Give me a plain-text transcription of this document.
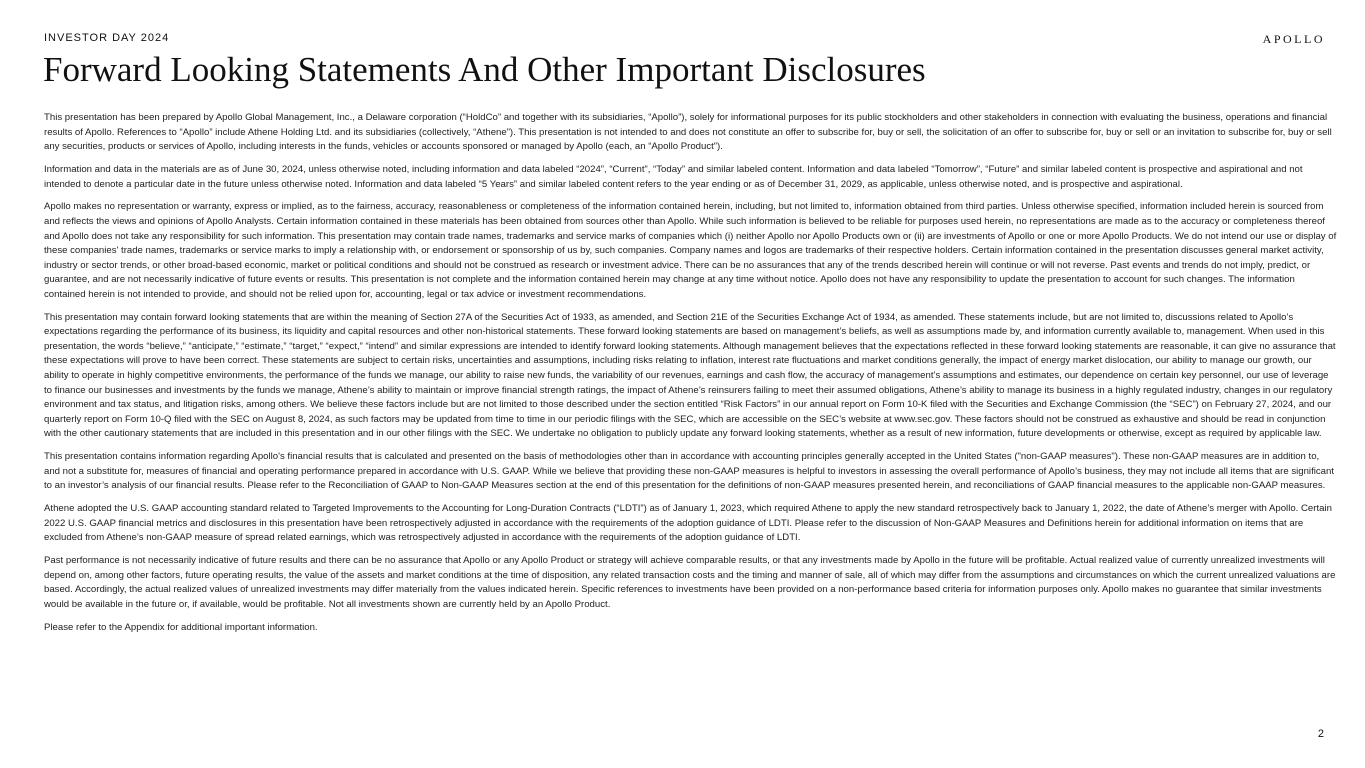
INVESTOR DAY 2024	APOLLO
Forward Looking Statements And Other Important Disclosures

This presentation has been prepared by Apollo Global Management, Inc., a Delaware corporation (“HoldCo” and together with its subsidiaries, “Apollo”), solely for informational purposes for its public stockholders and other stakeholders in connection with evaluating the business, operations and financial results of Apollo. References to “Apollo” include Athene Holding Ltd. and its subsidiaries (collectively, “Athene”). This presentation is not intended to and does not constitute an offer to subscribe for, buy or sell, the solicitation of an offer to subscribe for, buy or sell or an invitation to subscribe for, buy or sell any securities, products or services of Apollo, including interests in the funds, vehicles or accounts sponsored or managed by Apollo (each, an “Apollo Product”).

Information and data in the materials are as of June 30, 2024, unless otherwise noted, including information and data labeled “2024”, “Current”, “Today” and similar labeled content. Information and data labeled “Tomorrow”, “Future” and similar labeled content is prospective and aspirational and not intended to denote a particular date in the future unless otherwise noted. Information and data labeled “5 Years” and similar labeled content refers to the year ending or as of December 31, 2029, as applicable, unless otherwise noted, and is prospective and aspirational.

Apollo makes no representation or warranty, express or implied, as to the fairness, accuracy, reasonableness or completeness of the information contained herein, including, but not limited to, information obtained from third parties. Unless otherwise specified, information included herein is sourced from and reflects the views and opinions of Apollo Analysts. Certain information contained in these materials has been obtained from sources other than Apollo. While such information is believed to be reliable for purposes used herein, no representations are made as to the accuracy or completeness thereof and Apollo does not take any responsibility for such information. This presentation may contain trade names, trademarks and service marks of companies which (i) neither Apollo nor Apollo Products own or (ii) are investments of Apollo or one or more Apollo Products. We do not intend our use or display of these companies' trade names, trademarks or service marks to imply a relationship with, or endorsement or sponsorship of us by, such companies. Company names and logos are trademarks of their respective holders. Certain information contained in the presentation discusses general market activity, industry or sector trends, or other broad-based economic, market or political conditions and should not be construed as research or investment advice. There can be no assurances that any of the trends described herein will continue or will not reverse. Past events and trends do not imply, predict, or guarantee, and are not necessarily indicative of future events or results. This presentation is not complete and the information contained herein may change at any time without notice. Apollo does not have any responsibility to update the presentation to account for such changes. The information contained herein is not intended to provide, and should not be relied upon for, accounting, legal or tax advice or investment recommendations.

This presentation may contain forward looking statements that are within the meaning of Section 27A of the Securities Act of 1933, as amended, and Section 21E of the Securities Exchange Act of 1934, as amended. These statements include, but are not limited to, discussions related to Apollo’s expectations regarding the performance of its business, its liquidity and capital resources and other non-historical statements. These forward looking statements are based on management’s beliefs, as well as assumptions made by, and information currently available to, management. When used in this presentation, the words “believe,” “anticipate,” “estimate,” “target,” “expect,” “intend” and similar expressions are intended to identify forward looking statements. Although management believes that the expectations reflected in these forward looking statements are reasonable, it can give no assurance that these expectations will prove to have been correct. These statements are subject to certain risks, uncertainties and assumptions, including risks relating to inflation, interest rate fluctuations and market conditions generally, the impact of energy market dislocation, our ability to manage our growth, our ability to operate in highly competitive environments, the performance of the funds we manage, our ability to raise new funds, the variability of our revenues, earnings and cash flow, the accuracy of management’s assumptions and estimates, our dependence on certain key personnel, our use of leverage to finance our businesses and investments by the funds we manage, Athene’s ability to maintain or improve financial strength ratings, the impact of Athene’s reinsurers failing to meet their assumed obligations, Athene’s ability to manage its business in a highly regulated industry, changes in our regulatory environment and tax status, and litigation risks, among others. We believe these factors include but are not limited to those described under the section entitled “Risk Factors” in our annual report on Form 10-K filed with the Securities and Exchange Commission (the “SEC”) on February 27, 2024, and our quarterly report on Form 10-Q filed with the SEC on August 8, 2024, as such factors may be updated from time to time in our periodic filings with the SEC, which are accessible on the SEC’s website at www.sec.gov. These factors should not be construed as exhaustive and should be read in conjunction with the other cautionary statements that are included in this presentation and in our other filings with the SEC. We undertake no obligation to publicly update any forward looking statements, whether as a result of new information, future developments or otherwise, except as required by applicable law.

This presentation contains information regarding Apollo's financial results that is calculated and presented on the basis of methodologies other than in accordance with accounting principles generally accepted in the United States ("non-GAAP measures"). These non-GAAP measures are in addition to, and not a substitute for, measures of financial and operating performance prepared in accordance with U.S. GAAP. While we believe that providing these non-GAAP measures is helpful to investors in assessing the overall performance of Apollo’s business, they may not include all items that are significant to an investor’s analysis of our financial results. Please refer to the Reconciliation of GAAP to Non-GAAP Measures section at the end of this presentation for the definitions of non-GAAP measures presented herein, and reconciliations of GAAP financial measures to the applicable non-GAAP measures.

Athene adopted the U.S. GAAP accounting standard related to Targeted Improvements to the Accounting for Long-Duration Contracts (“LDTI”) as of January 1, 2023, which required Athene to apply the new standard retrospectively back to January 1, 2022, the date of Athene’s merger with Apollo. Certain 2022 U.S. GAAP financial metrics and disclosures in this presentation have been retrospectively adjusted in accordance with the requirements of the adoption guidance of LDTI. Please refer to the discussion of Non-GAAP Measures and Definitions herein for additional information on items that are excluded from Athene’s non-GAAP measure of spread related earnings, which was retrospectively adjusted in accordance with the requirements of the adoption guidance of LDTI.

Past performance is not necessarily indicative of future results and there can be no assurance that Apollo or any Apollo Product or strategy will achieve comparable results, or that any investments made by Apollo in the future will be profitable. Actual realized value of currently unrealized investments will depend on, among other factors, future operating results, the value of the assets and market conditions at the time of disposition, any related transaction costs and the timing and manner of sale, all of which may differ from the assumptions and circumstances on which the current unrealized valuations are based. Accordingly, the actual realized values of unrealized investments may differ materially from the values indicated herein. Specific references to investments have been provided on a non-performance based criteria for information purposes only. Apollo makes no guarantee that similar investments would be available in the future or, if available, would be profitable. Not all investments shown are currently held by an Apollo Product.

Please refer to the Appendix for additional important information.

2
